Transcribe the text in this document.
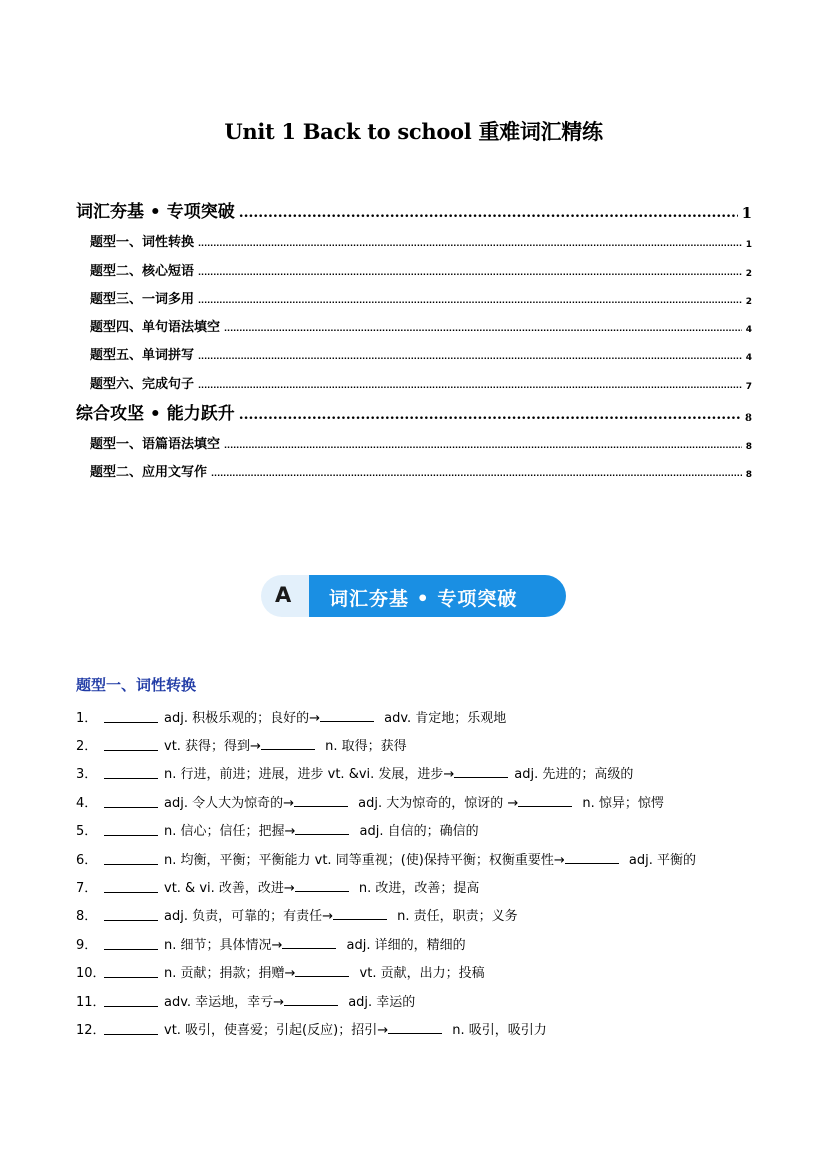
Unit 1 Back to school 重难词汇精练
词汇夯基 • 专项突破 .....	1
题型一、词性转换 .....	1
题型二、核心短语 .....	2
题型三、一词多用 .....	2
题型四、单句语法填空 .....	4
题型五、单词拼写 .....	4
题型六、完成句子 .....	7
综合攻坚 • 能力跃升 .....	8
题型一、语篇语法填空 .....	8
题型二、应用文写作 .....	8
A 词汇夯基 • 专项突破
题型一、词性转换
1．	adj. 积极乐观的；良好的→	adv. 肯定地；乐观地
2．	vt. 获得；得到→	n. 取得；获得
3．	n. 行进，前进；进展，进步 vt. &vi. 发展，进步→	adj. 先进的；高级的
4．	adj. 令人大为惊奇的→	adj. 大为惊奇的，惊讶的 →	n. 惊异；惊愕
5．	n. 信心；信任；把握→	adj. 自信的；确信的
6．	n. 均衡，平衡；平衡能力 vt. 同等重视；(使)保持平衡；权衡重要性→	adj. 平衡的
7．	vt. & vi. 改善，改进→	n. 改进，改善；提高
8．	adj. 负责，可靠的；有责任→	n. 责任，职责；义务
9．	n. 细节；具体情况→	adj. 详细的，精细的
10．	n. 贡献；捐款；捐赠→	vt. 贡献，出力；投稿
11．	adv. 幸运地，幸亏→	adj. 幸运的
12．	vt. 吸引，使喜爱；引起(反应)；招引→	n. 吸引，吸引力
